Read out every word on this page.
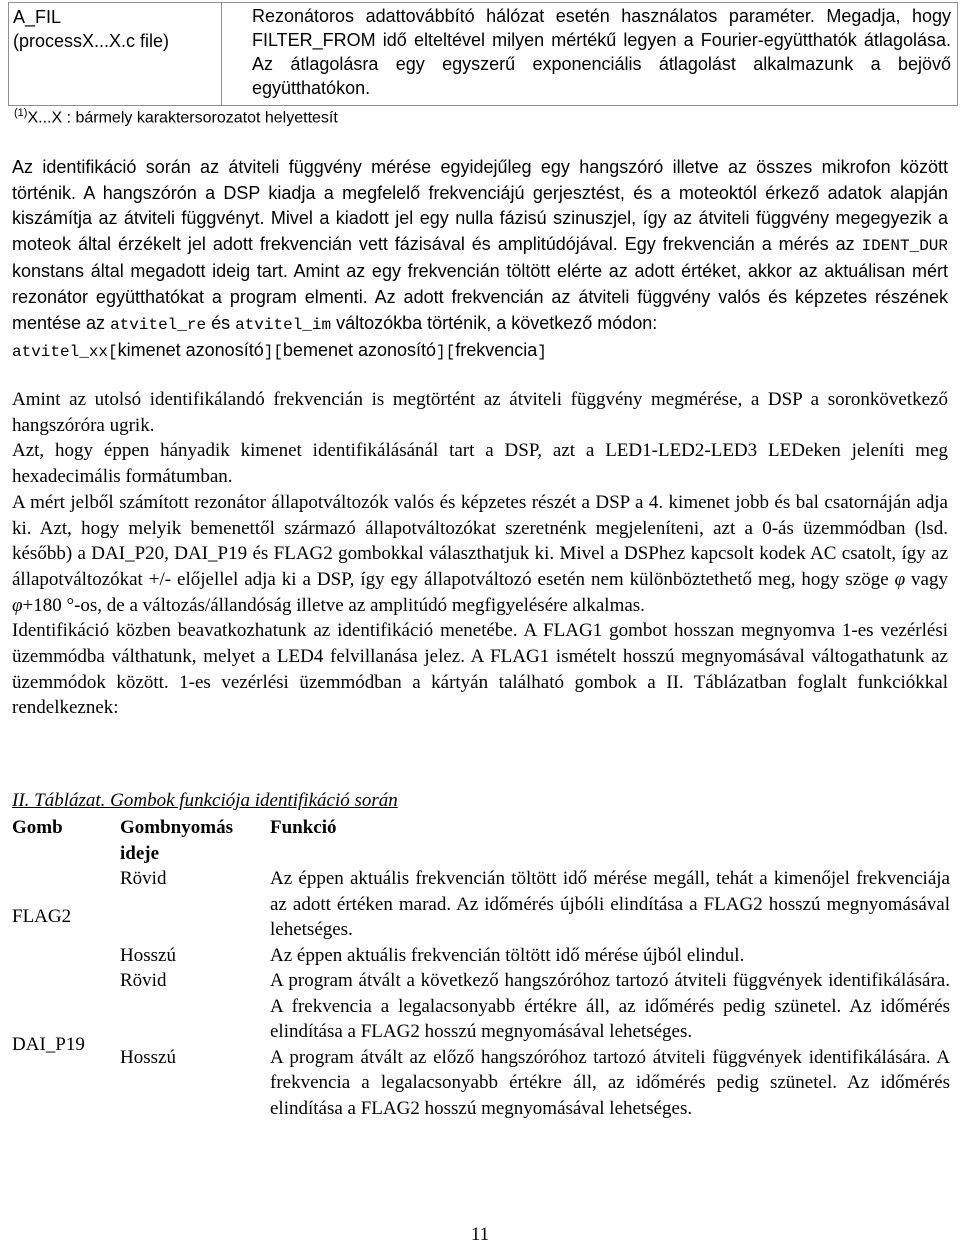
A_FIL
(processX...X.c file)
	Rezonátoros adattovábbító hálózat esetén használatos paraméter. Megadja, hogy FILTER_FROM idő elteltével milyen mértékű legyen a Fourier-együtthatók átlagolása. Az átlagolásra egy egyszerű exponenciális átlagolást alkalmazunk a bejövő együtthatókon.
$^{(1)}$X...X : bármely karaktersorozatot helyettesít

Az identifikáció során az átviteli függvény mérése egyidejűleg egy hangszóró illetve az összes mikrofon között történik. A hangszórón a DSP kiadja a megfelelő frekvenciájú gerjesztést, és a moteoktól érkező adatok alapján kiszámítja az átviteli függvényt. Mivel a kiadott jel egy nulla fázisú szinuszjel, így az átviteli függvény megegyezik a moteok által érzékelt jel adott frekvencián vett fázisával és amplitúdójával. Egy frekvencián a mérés az IDENT_DUR konstans által megadott ideig tart. Amint az egy frekvencián töltött elérte az adott értéket, akkor az aktuálisan mért rezonátor együtthatókat a program elmenti. Az adott frekvencián az átviteli függvény valós és képzetes részének mentése az atvitel_re és atvitel_im változókba történik, a következő módon:

atvitel_xx[kimenet azonosító][bemenet azonosító][frekvencia]

Amint az utolsó identifikálandó frekvencián is megtörtént az átviteli függvény megmérése, a DSP a soronkövetkező hangszóróra ugrik.

Azt, hogy éppen hányadik kimenet identifikálásánál tart a DSP, azt a LED1-LED2-LED3 LEDeken jeleníti meg hexadecimális formátumban.

A mért jelből számított rezonátor állapotváltozók valós és képzetes részét a DSP a 4. kimenet jobb és bal csatornáján adja ki. Azt, hogy melyik bemenettől származó állapotváltozókat szeretnénk megjeleníteni, azt a 0-ás üzemmódban (lsd. később) a DAI_P20, DAI_P19 és FLAG2 gombokkal választhatjuk ki. Mivel a DSPhez kapcsolt kodek AC csatolt, így az állapotváltozókat +/- előjellel adja ki a DSP, így egy állapotváltozó esetén nem különböztethető meg, hogy szöge φ vagy φ+180 °-os, de a változás/állandóság illetve az amplitúdó megfigyelésére alkalmas.

Identifikáció közben beavatkozhatunk az identifikáció menetébe. A FLAG1 gombot hosszan megnyomva 1-es vezérlési üzemmódba válthatunk, melyet a LED4 felvillanása jelez. A FLAG1 ismételt hosszú megnyomásával váltogathatunk az üzemmódok között. 1-es vezérlési üzemmódban a kártyán található gombok a II. Táblázatban foglalt funkciókkal rendelkeznek:

II. Táblázat. Gombok funkciója identifikáció során
Gomb	Gombnyomás ideje	Funkció
FLAG2	Rövid	Az éppen aktuális frekvencián töltött idő mérése megáll, tehát a kimenőjel frekvenciája az adott értéken marad. Az időmérés újbóli elindítása a FLAG2 hosszú megnyomásával lehetséges.
	Hosszú	Az éppen aktuális frekvencián töltött idő mérése újból elindul.
DAI_P19	Rövid	A program átvált a következő hangszóróhoz tartozó átviteli függvények identifikálására. A frekvencia a legalacsonyabb értékre áll, az időmérés pedig szünetel. Az időmérés elindítása a FLAG2 hosszú megnyomásával lehetséges.
	Hosszú	A program átvált az előző hangszóróhoz tartozó átviteli függvények identifikálására. A frekvencia a legalacsonyabb értékre áll, az időmérés pedig szünetel. Az időmérés elindítása a FLAG2 hosszú megnyomásával lehetséges.
11
